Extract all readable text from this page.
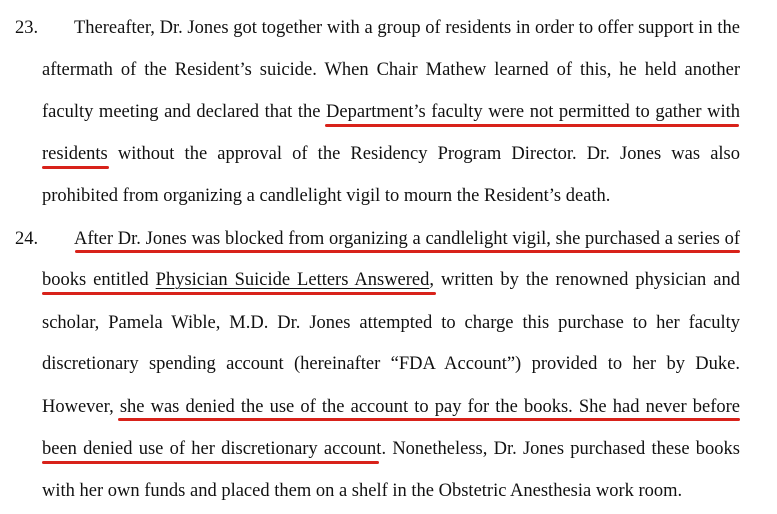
23. Thereafter, Dr. Jones got together with a group of residents in order to offer support in the
aftermath of the Resident’s suicide. When Chair Mathew learned of this, he held another
faculty meeting and declared that the Department’s faculty were not permitted to gather with
residents without the approval of the Residency Program Director. Dr. Jones was also
prohibited from organizing a candlelight vigil to mourn the Resident’s death.
24. After Dr. Jones was blocked from organizing a candlelight vigil, she purchased a series of
books entitled Physician Suicide Letters Answered, written by the renowned physician and
scholar, Pamela Wible, M.D. Dr. Jones attempted to charge this purchase to her faculty
discretionary spending account (hereinafter “FDA Account”) provided to her by Duke.
However, she was denied the use of the account to pay for the books. She had never before
been denied use of her discretionary account. Nonetheless, Dr. Jones purchased these books
with her own funds and placed them on a shelf in the Obstetric Anesthesia work room.
